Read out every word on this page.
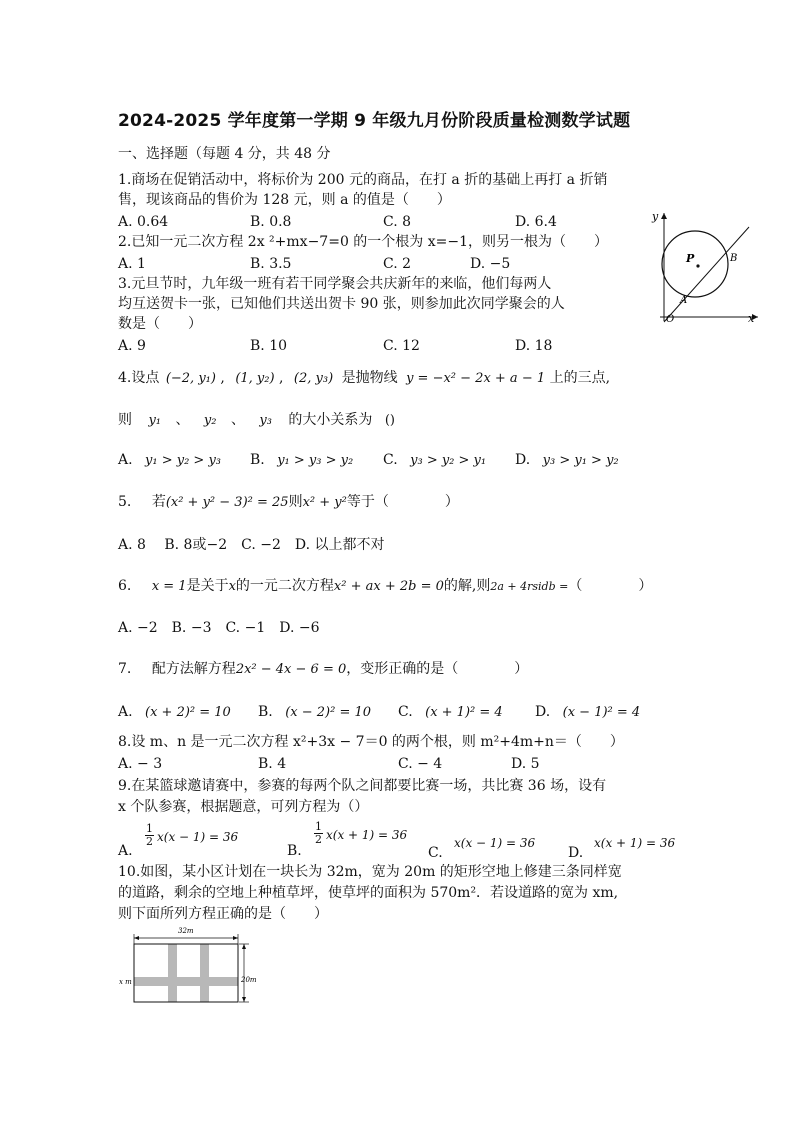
2024-2025 学年度第一学期 9 年级九月份阶段质量检测数学试题
一、选择题（每题 4 分，共 48 分
1.商场在促销活动中，将标价为 200 元的商品，在打 a 折的基础上再打 a 折销
售，现该商品的售价为 128 元，则 a 的值是（　　）
A. 0.64	B. 0.8	C. 8	D. 6.4
2.已知一元二次方程 2x ²+mx−7=0 的一个根为 x=−1，则另一根为（　　）
A. 1	B. 3.5	C. 2	D. −5
3.元旦节时，九年级一班有若干同学聚会共庆新年的来临，他们每两人
均互送贺卡一张，已知他们共送出贺卡 90 张，则参加此次同学聚会的人
数是（　　）
A. 9	B. 10	C. 12	D. 18
y
x
O
P
A
B
4.设点 (−2, y₁) , (1, y₂) , (2, y₃) 是抛物线 y = −x² − 2x + a − 1 上的三点,
则 y₁ 、 y₂ 、 y₃ 的大小关系为 ()
A. y₁ > y₂ > y₃ B. y₁ > y₃ > y₂ C. y₃ > y₂ > y₁ D. y₃ > y₁ > y₂
5. 若(x² + y² − 3)² = 25则x² + y²等于（　　　　）
A. 8　 B. 8或−2　C. −2　D. 以上都不对
6. x = 1是关于x的一元二次方程x² + ax + 2b = 0的解,则2a + 4rsidb =（　　　　）
A. −2　B. −3　C. −1　D. −6
7. 配方法解方程2x² − 4x − 6 = 0，变形正确的是（　　　　）
A. (x + 2)² = 10 B. (x − 2)² = 10 C. (x + 1)² = 4 D. (x − 1)² = 4
8.设 m、n 是一元二次方程 x²+3x − 7＝0 的两个根，则 m²+4m+n＝（　　）
A. − 3	B. 4	C. − 4	D. 5
9.在某篮球邀请赛中，参赛的每两个队之间都要比赛一场，共比赛 36 场，设有
x 个队参赛，根据题意，可列方程为（）
A.
$\frac{1}{2} x(x - 1) = 36$
B.
$\frac{1}{2} x(x + 1) = 36$
C.
x(x − 1) = 36
D.
x(x + 1) = 36
10.如图，某小区计划在一块长为 32m，宽为 20m 的矩形空地上修建三条同样宽
的道路，剩余的空地上种植草坪，使草坪的面积为 570m²．若设道路的宽为 xm,
则下面所列方程正确的是（　　）
32m
20m
x m
